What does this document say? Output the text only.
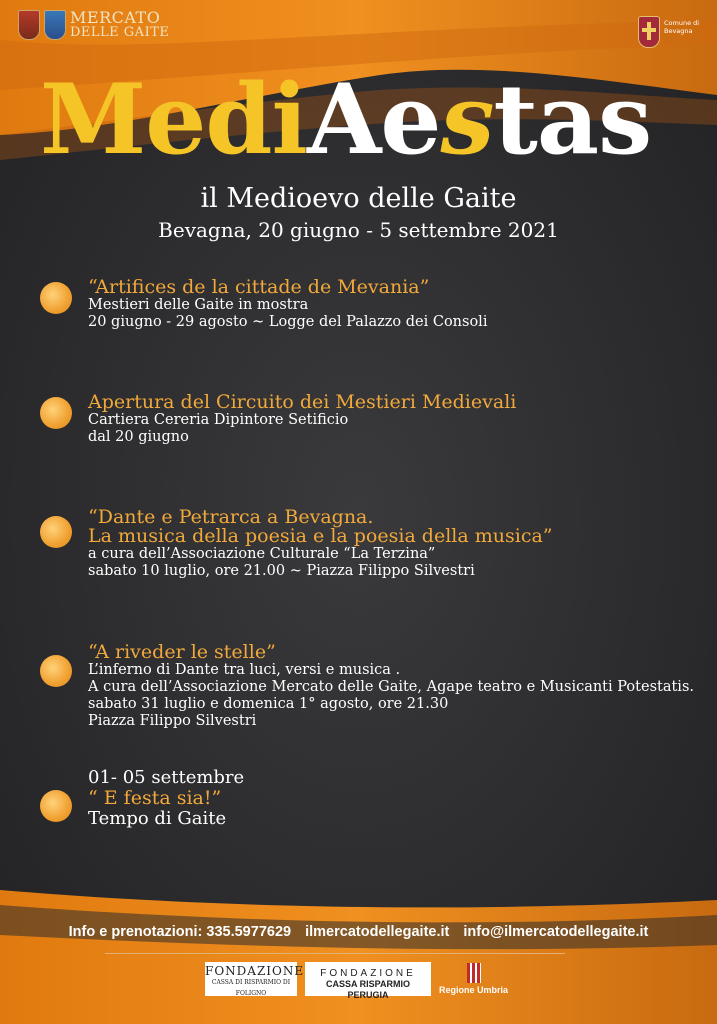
MERCATO
DELLE GAITE
Comune di
Bevagna
MediAestas
il Medioevo delle Gaite
Bevagna, 20 giugno - 5 settembre 2021
“Artifices de la cittade de Mevania”
Mestieri delle Gaite in mostra
20 giugno - 29 agosto ~ Logge del Palazzo dei Consoli
Apertura del Circuito dei Mestieri Medievali
Cartiera Cereria Dipintore Setificio
dal 20 giugno
“Dante e Petrarca a Bevagna.
La musica della poesia e la poesia della musica”
a cura dell’Associazione Culturale “La Terzina”
sabato 10 luglio, ore 21.00 ~ Piazza Filippo Silvestri
“A riveder le stelle”
L’inferno di Dante tra luci, versi e musica .
A cura dell’Associazione Mercato delle Gaite, Agape teatro e Musicanti Potestatis.
sabato 31 luglio e domenica 1° agosto, ore 21.30
Piazza Filippo Silvestri
01- 05 settembre
“ E festa sia!”
Tempo di Gaite
Info e prenotazioni: 335.5977629 ilmercatodellegaite.it info@ilmercatodellegaite.it
FONDAZIONE
CASSA DI RISPARMIO DI FOLIGNO
FONDAZIONE
CASSA RISPARMIO PERUGIA	Regione Umbria
